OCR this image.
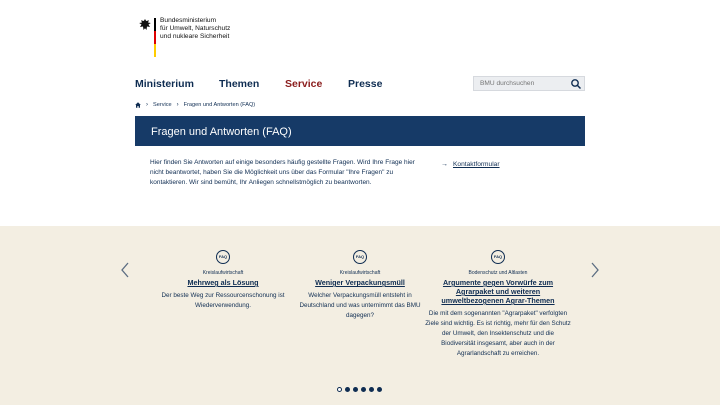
Bundesministerium
für Umwelt, Naturschutz
und nukleare Sicherheit
Ministerium	Themen	Service	Presse
BMU durchsuchen
› Service › Fragen und Antworten (FAQ)
Fragen und Antworten (FAQ)
Hier finden Sie Antworten auf einige besonders häufig gestellte Fragen. Wird Ihre Frage hier nicht beantwortet, haben Sie die Möglichkeit uns über das Formular "Ihre Fragen" zu kontaktieren. Wir sind bemüht, Ihr Anliegen schnellstmöglich zu beantworten.
→ Kontaktformular
FAQ
Kreislaufwirtschaft
Mehrweg als Lösung
Der beste Weg zur Ressourcenschonung ist Wiederverwendung.
FAQ
Kreislaufwirtschaft
Weniger Verpackungsmüll
Welcher Verpackungsmüll entsteht in Deutschland und was unternimmt das BMU dagegen?
FAQ
Bodenschutz und Altlasten
Argumente gegen Vorwürfe zum Agrarpaket und weiteren umweltbezogenen Agrar-Themen
Die mit dem sogenannten "Agrarpaket" verfolgten Ziele sind wichtig. Es ist richtig, mehr für den Schutz der Umwelt, den Insektenschutz und die Biodiversität insgesamt, aber auch in der Agrarlandschaft zu erreichen.
